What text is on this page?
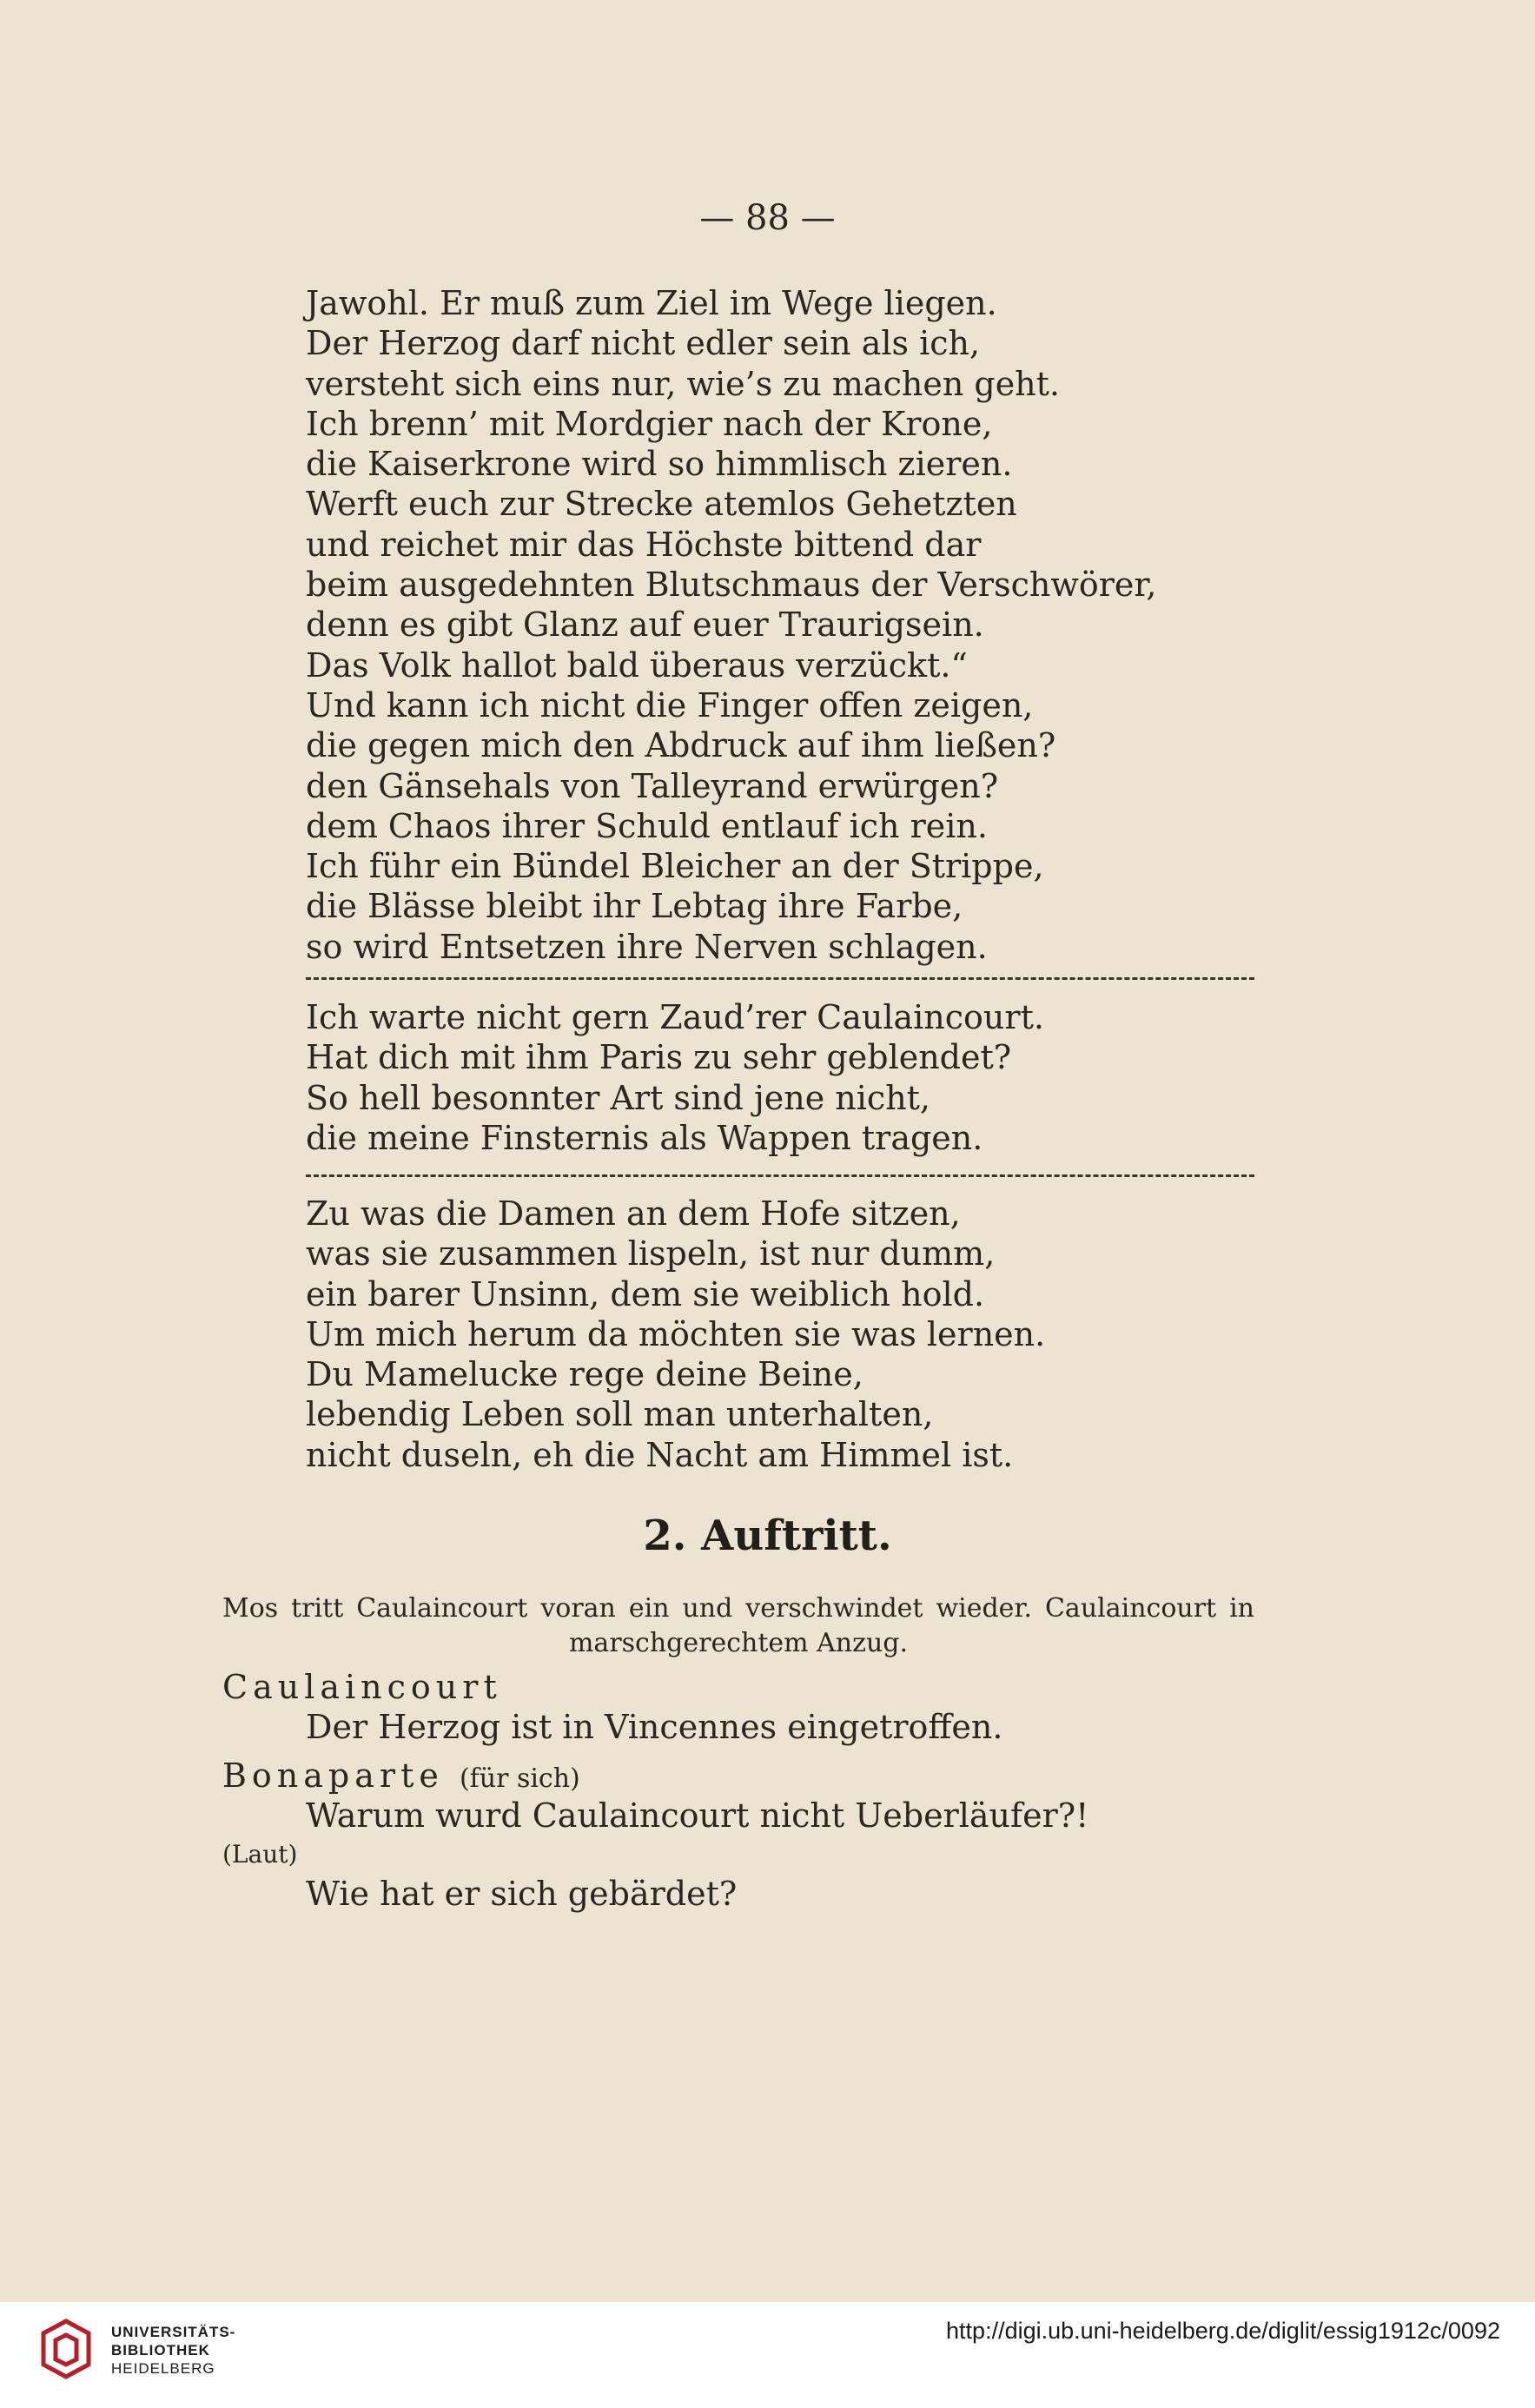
— 88 —
Jawohl. Er muß zum Ziel im Wege liegen.
Der Herzog darf nicht edler sein als ich,
versteht sich eins nur, wie’s zu machen geht.
Ich brenn’ mit Mordgier nach der Krone,
die Kaiserkrone wird so himmlisch zieren.
Werft euch zur Strecke atemlos Gehetzten
und reichet mir das Höchste bittend dar
beim ausgedehnten Blutschmaus der Verschwörer,
denn es gibt Glanz auf euer Traurigsein.
Das Volk hallot bald überaus verzückt.“
Und kann ich nicht die Finger offen zeigen,
die gegen mich den Abdruck auf ihm ließen?
den Gänsehals von Talleyrand erwürgen?
dem Chaos ihrer Schuld entlauf ich rein.
Ich führ ein Bündel Bleicher an der Strippe,
die Blässe bleibt ihr Lebtag ihre Farbe,
so wird Entsetzen ihre Nerven schlagen.
Ich warte nicht gern Zaud’rer Caulaincourt.
Hat dich mit ihm Paris zu sehr geblendet?
So hell besonnter Art sind jene nicht,
die meine Finsternis als Wappen tragen.
Zu was die Damen an dem Hofe sitzen,
was sie zusammen lispeln, ist nur dumm,
ein barer Unsinn, dem sie weiblich hold.
Um mich herum da möchten sie was lernen.
Du Mamelucke rege deine Beine,
lebendig Leben soll man unterhalten,
nicht duseln, eh die Nacht am Himmel ist.
2. Auftritt.

Mos tritt Caulaincourt voran ein und verschwindet wieder. Caulaincourt in marschgerechtem Anzug.

Caulaincourt
Der Herzog ist in Vincennes eingetroffen.
Bonaparte (für sich)
Warum wurd Caulaincourt nicht Ueberläufer?!
(Laut)
Wie hat er sich gebärdet?
UNIVERSITÄTS-
BIBLIOTHEK
HEIDELBERG
http://digi.ub.uni-heidelberg.de/diglit/essig1912c/0092
